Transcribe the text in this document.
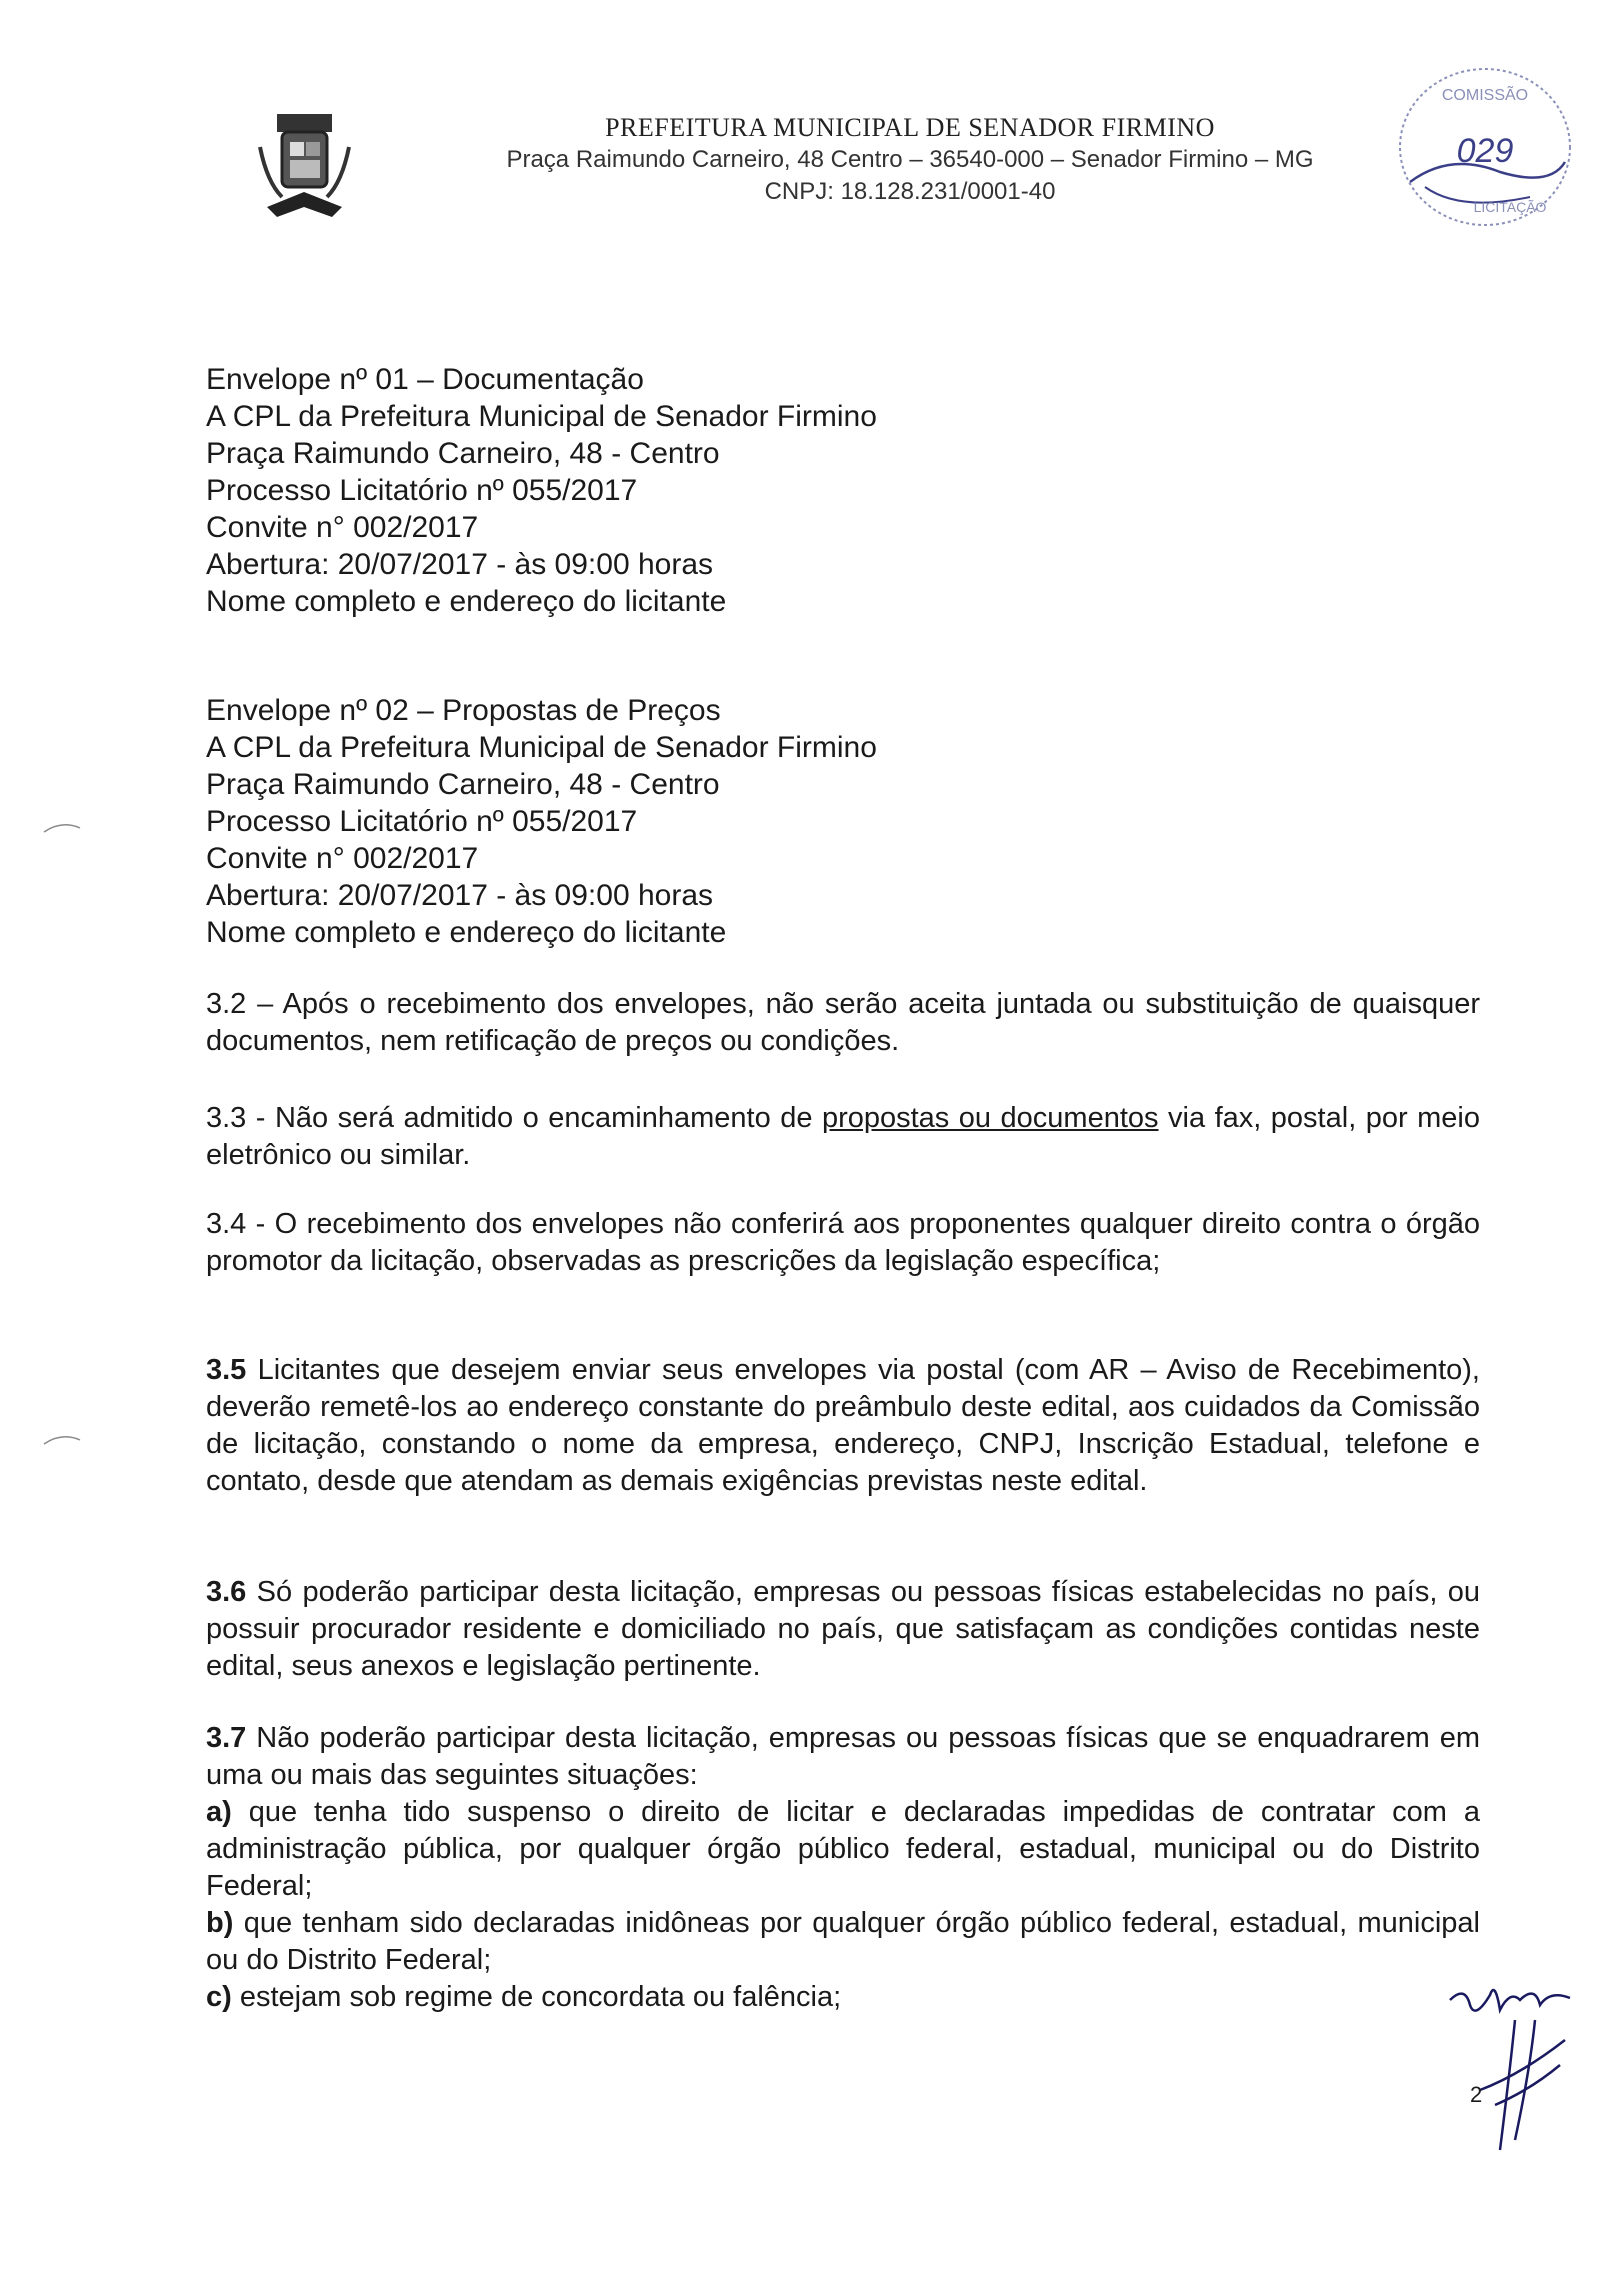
PREFEITURA MUNICIPAL DE SENADOR FIRMINO
Praça Raimundo Carneiro, 48 Centro – 36540-000 – Senador Firmino – MG
CNPJ: 18.128.231/0001-40
COMISSÃO
029
LICITAÇÃO

Envelope nº 01 – Documentação

A CPL da Prefeitura Municipal de Senador Firmino

Praça Raimundo Carneiro, 48 - Centro

Processo Licitatório nº 055/2017

Convite n° 002/2017

Abertura: 20/07/2017 - às 09:00 horas

Nome completo e endereço do licitante

Envelope nº 02 – Propostas de Preços

A CPL da Prefeitura Municipal de Senador Firmino

Praça Raimundo Carneiro, 48 - Centro

Processo Licitatório nº 055/2017

Convite n° 002/2017

Abertura: 20/07/2017 - às 09:00 horas

Nome completo e endereço do licitante

3.2 – Após o recebimento dos envelopes, não serão aceita juntada ou substituição de quaisquer documentos, nem retificação de preços ou condições.

3.3 - Não será admitido o encaminhamento de propostas ou documentos via fax, postal, por meio eletrônico ou similar.

3.4 - O recebimento dos envelopes não conferirá aos proponentes qualquer direito contra o órgão promotor da licitação, observadas as prescrições da legislação específica;

3.5 Licitantes que desejem enviar seus envelopes via postal (com AR – Aviso de Recebimento), deverão remetê-los ao endereço constante do preâmbulo deste edital, aos cuidados da Comissão de licitação, constando o nome da empresa, endereço, CNPJ, Inscrição Estadual, telefone e contato, desde que atendam as demais exigências previstas neste edital.

3.6 Só poderão participar desta licitação, empresas ou pessoas físicas estabelecidas no país, ou possuir procurador residente e domiciliado no país, que satisfaçam as condições contidas neste edital, seus anexos e legislação pertinente.

3.7 Não poderão participar desta licitação, empresas ou pessoas físicas que se enquadrarem em uma ou mais das seguintes situações:

a) que tenha tido suspenso o direito de licitar e declaradas impedidas de contratar com a administração pública, por qualquer órgão público federal, estadual, municipal ou do Distrito Federal;

b) que tenham sido declaradas inidôneas por qualquer órgão público federal, estadual, municipal ou do Distrito Federal;

c) estejam sob regime de concordata ou falência;

2
